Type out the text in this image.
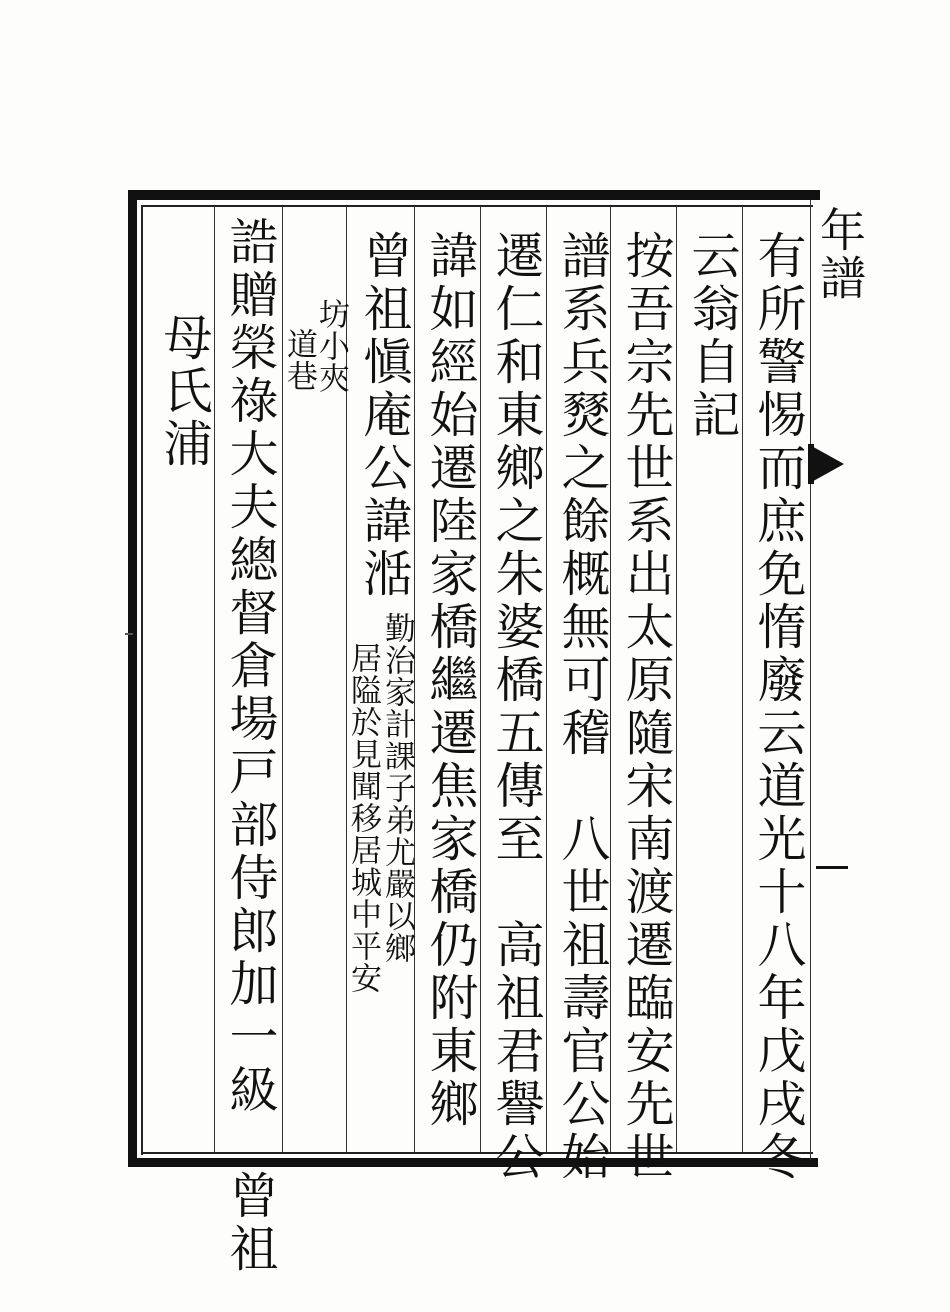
年譜
有所警惕而庶免惰廢云道光十八年戊戌冬
云翁自記
按吾宗先世系出太原隨宋南渡遷臨安先世
譜系兵燹之餘概無可稽　八世祖壽官公始
遷仁和東鄉之朱婆橋五傳至　高祖君譽公
諱如經始遷陸家橋繼遷焦家橋仍附東鄉
曾祖愼庵公諱湉
勤治家計課子弟尤嚴以鄉
居隘於見聞移居城中平安
坊小夾
道巷
誥贈榮祿大夫總督倉場戸部侍郎加一級　曾祖
母氏浦
